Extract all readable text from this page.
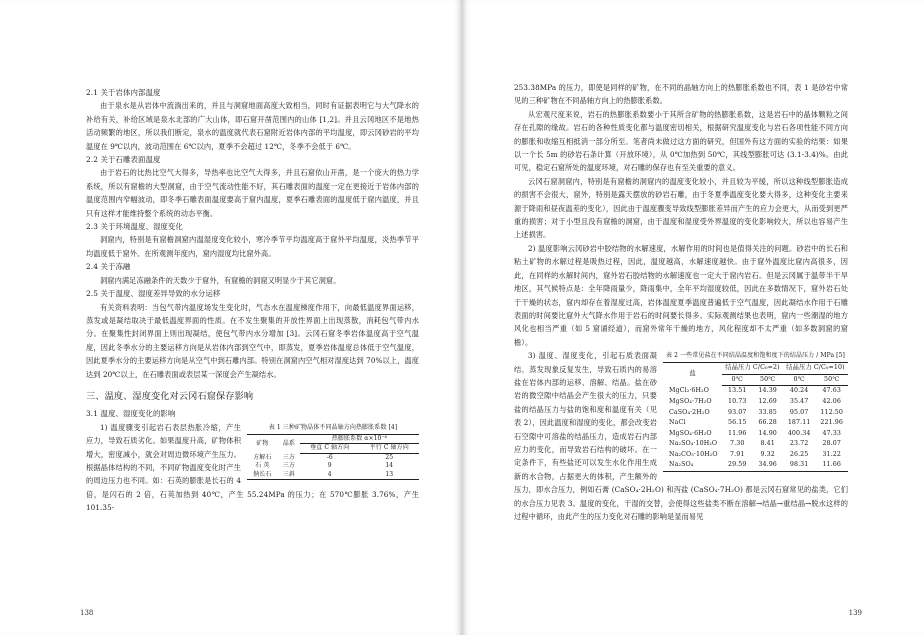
2.1 关于岩体内部温度

由于泉水是从岩体中流淌出来的，并且与洞窟地面高度大致相当，同时有证据表明它与大气降水的补给有关，补给区域是泉水北部的广大山体，即石窟开凿范围内的山体 [1,2]。并且云冈地区不是地热活动频繁的地区，所以我们断定，泉水的温度就代表石窟附近岩体内部的平均温度，即云冈砂岩的平均温度在 9℃以内，波动范围在 6℃以内，夏季不会超过 12℃，冬季不会低于 6℃。

2.2 关于石雕表面温度

由于岩石的比热比空气大得多，导热率也比空气大得多，并且石窟依山开凿，是一个庞大的热力学系统，所以有窟檐的大型洞窟，由于空气流动性能不好，其石雕表面的温度一定在更接近于岩体内部的温度范围内窄幅波动，即冬季石雕表面温度要高于窟内温度，夏季石雕表面的温度低于窟内温度，并且只有这样才能维持整个系统的动态平衡。

2.3 关于环境温度、湿度变化

洞窟内，特别是有窟檐洞窟内温湿度变化较小，寒冷季节平均温度高于窟外平均温度，炎热季节平均温度低于窟外。在所观测年度内，窟内湿度均比窟外高。

2.4 关于冻融

洞窟内满足冻融条件的天数少于窟外，有窟檐的洞窟又明显少于其它洞窟。

2.5 关于温度、湿度差异导致的水分运移

有关资料表明：当包气带内温度场发生变化时，气态水在温度梯度作用下，向最低温度界面运移，蒸发或是凝结取决于最低温度界面的性质。在不发生聚集的开放性界面上出现蒸散，消耗包气带内水分。在聚集性封闭界面上则出现凝结，使包气带内水分增加 [3]。云冈石窟冬季岩体温度高于空气温度，因此冬季水分的主要运移方向是从岩体内部到空气中，即蒸发，夏季岩体温度总体低于空气温度，因此夏季水分的主要运移方向是从空气中到石雕内部。特别在洞窟内空气相对湿度达到 70%以上，温度达到 20℃以上，在石雕表面或表层某一深度会产生凝结水。

三、温度、湿度变化对云冈石窟保存影响
3.1 温度、湿度变化的影响
表 1 三种矿物晶体不同晶轴方向热膨胀系数 [4]
矿物	晶系	热膨胀系数 α×10⁻⁶	
		垂直 C 轴方向	平行 C 轴方向
方解石	三方	-6	25
石 英	三方	9	14
钠长石	三斜	4	13

1) 温度骤变引起岩石表层热胀冷缩，产生应力，导致石质劣化。如果温度升高，矿物体积增大，密度减小，就会对周边微环境产生压力。根据晶体结构的不同，不同矿物温度变化时产生的周边压力也不同。如：石英的膨胀是长石的 4 倍，是闪石的 2 倍，石英加热到 40℃，产生 55.24MPa 的压力；在 570℃膨胀 3.76%，产生 101.35-

138

253.38MPa 的压力，即使是同样的矿物，在不同的晶轴方向上的热膨胀系数也不同，表 1 是砂岩中常见的三种矿物在不同晶轴方向上的热膨胀系数。

从宏观尺度来说，岩石的热膨胀系数要小于其所含矿物的热膨胀系数，这是岩石中的晶体颗粒之间存在孔隙的缘故。岩石的各种性质变化都与温度密切相关，根据研究温度变化与岩石各项性能不同方向的膨胀和收缩互相抵消一部分所至。笔者尚未做过这方面的研究，但国外有这方面的实验的结果：如果以一个长 5m 的砂岩石条计算（开放环境），从 0℃加热到 50℃，其线型膨胀可达 (3.1-3.4)%。由此可见，稳定石窟所处的温度环境，对石雕的保存也有至关重要的意义。

云冈石窟洞窟内，特别是有窟檐的洞窟内的温度变化较小，并且较为平缓，所以这种线型膨胀造成的损害不会很大，窟外，特别是露天摆放的砂岩石雕，由于冬夏季温度变化要大得多，这种变化主要来源于降雨和昼夜温差的变化），因此由于温度骤变导致线型膨胀差异而产生的应力会更大，从而受到更严重的损害；对于小型且没有窟檐的洞窟，由于温度和湿度受外界温度的变化影响较大，所以也容易产生上述损害。

2) 温度影响云冈砂岩中胶结物的水解速度，水解作用的时间也是值得关注的问题。砂岩中的长石和粘土矿物的水解过程是吸热过程，因此，温度越高，水解速度越快。由于窟外温度比窟内高很多，因此，在同样的水解时间内，窟外岩石胶结物的水解速度也一定大于窟内岩石。但是云冈属于温带半干旱地区，其气候特点是：全年降雨量少，降雨集中，全年平均湿度较低，因此在多数情况下，窟外岩石处于干燥的状态，窟内却存在着湿度过高，岩体温度夏季温度普遍低于空气温度，因此凝结水作用于石雕表面的时间要比窟外大气降水作用于岩石的时间要长得多。实际观测结果也表明，窟内一些潮湿的地方风化也相当严重（如 5 窟诵经道），而窟外常年干燥的地方，风化程度却不太严重（如多数洞窟的窟檐）。

表 2 一些常见盐在不同结晶温度和饱和度下的结晶压力 / MPa [5]
盐	结晶压力 C/C₀=2)		结晶压力 C/C₀=10)	
	0℃	50℃	0℃	50℃
MgCl₂·6H₂O	13.51	14.39	40.24	47.63
MgSO₄·7H₂O	10.73	12.69	35.47	42.06
CaSO₄·2H₂O	93.07	33.85	95.07	112.50
NaCl	56.15	66.28	187.11	221.96
MgSO₄·6H₂O	11.96	14.90	400.34	47.33
Na₂SO₄·10H₂O	7.30	8.41	23.72	28.07
Na₂CO₃·10H₂O	7.91	9.32	26.25	31.22
Na₂SO₄	29.59	34.96	98.31	11.66

3) 温度、湿度变化，引起石质表面凝结、蒸发现象反复发生，导致石质内的易溶盐在岩体内部的运移、溶解、结晶。盐在砂岩的微空隙中结晶会产生很大的压力，只要盐的结晶压力与盐的饱和度和温度有关（见表 2），因此温度和湿度的变化，都会改变岩石空隙中可溶盐的结晶压力，造成岩石内部应力的变化，而导致岩石结构的破坏。在一定条件下，有些盐还可以发生水化作用生成新的水合物，占据更大的体积，产生额外的压力，即水合压力，例如石膏 (CaSO₄·2H₂O) 和泻盐 (CaSO₄·7H₂O) 都是云冈石窟常见的盐类，它们的水合压力见表 3。温度的变化，干湿的交替，会使得这些盐类不断在溶解→结晶→重结晶→脱水这样的过程中循环，由此产生的压力变化对石雕的影响是显而易见

139
